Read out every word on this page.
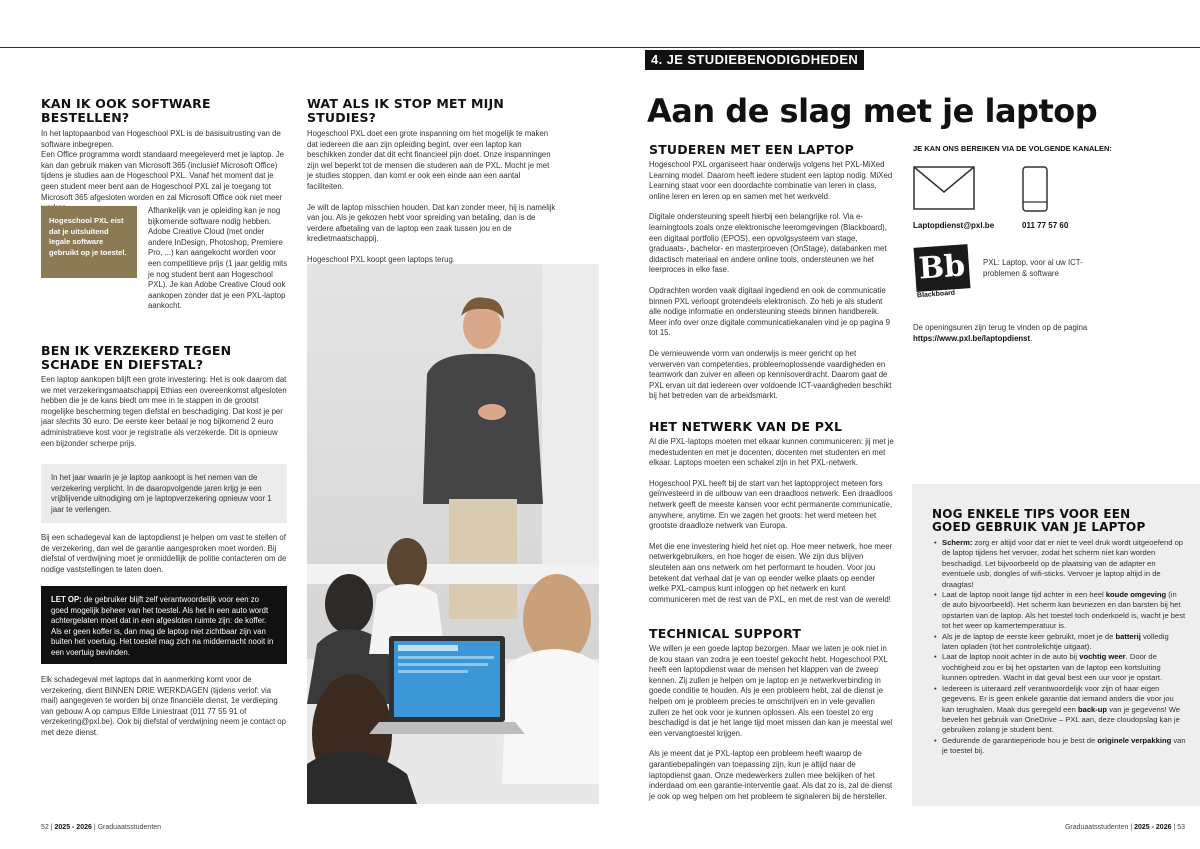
4. JE STUDIEBENODIGDHEDEN
KAN IK OOK SOFTWARE BESTELLEN?
In het laptopaanbod van Hogeschool PXL is de basisuitrusting van de software inbegrepen.
Een Office programma wordt standaard meegeleverd met je laptop. Je kan dan gebruik maken van Microsoft 365 (inclusief Microsoft Office) tijdens je studies aan de Hogeschool PXL. Vanaf het moment dat je geen student meer bent aan de Hogeschool PXL zal je toegang tot Microsoft 365 afgesloten worden en zal Microsoft Office ook niet meer
Hogeschool PXL eist dat je uitsluitend legale software gebruikt op je toestel.
Afhankelijk van je opleiding kan je nog bijkomende software nodig hebben. Adobe Creative Cloud (met onder andere InDesign, Photoshop, Premiere Pro, ...) kan aangekocht worden voor een competitieve prijs (1 jaar geldig mits je nog student bent aan Hogeschool PXL). Je kan Adobe Creative Cloud ook aankopen zonder dat je een PXL-laptop aankocht.
BEN IK VERZEKERD TEGEN SCHADE EN DIEFSTAL?
Een laptop aankopen blijft een grote investering. Het is ook daarom dat we met verzekeringsmaatschappij Ethias een overeenkomst afgesloten hebben die je de kans biedt om mee in te stappen in de grootst mogelijke bescherming tegen diefstal en beschadiging. Dat kost je per jaar slechts 30 euro. De eerste keer betaal je nog bijkomend 2 euro administratieve kost voor je registratie als verzekerde. Dit is opnieuw een bijzonder scherpe prijs.
In het jaar waarin je je laptop aankoopt is het nemen van de verzekering verplicht. In de daaropvolgende jaren krijg je een vrijblijvende uitnodiging om je laptopverzekering opnieuw voor 1 jaar te verlengen.
Bij een schadegeval kan de laptopdienst je helpen om vast te stellen of de verzekering, dan wel de garantie aangesproken moet worden. Bij diefstal of verdwijning moet je onmiddellijk de politie contacteren om de nodige vaststellingen te laten doen.
LET OP: de gebruiker blijft zelf verantwoordelijk voor een zo goed mogelijk beheer van het toestel. Als het in een auto wordt achtergelaten moet dat in een afgesloten ruimte zijn: de koffer. Als er geen koffer is, dan mag de laptop niet zichtbaar zijn van buiten het voertuig. Het toestel mag zich na middernacht nooit in een voertuig bevinden.
Elk schadegeval met laptops dat in aanmerking komt voor de verzekering, dient BINNEN DRIE WERKDAGEN (tijdens verlof: via mail) aangegeven te worden bij onze financiële dienst, 1e verdieping van gebouw A op campus Elfde Liniestraat (011 77 55 91 of verzekering@pxl.be). Ook bij diefstal of verdwijning neem je contact op met deze dienst.
WAT ALS IK STOP MET MIJN STUDIES?

Hogeschool PXL doet een grote inspanning om het mogelijk te maken dat iedereen die aan zijn opleiding begint, over een laptop kan beschikken zonder dat dit echt financieel pijn doet. Onze inspanningen zijn wel beperkt tot de mensen die studeren aan de PXL. Mocht je met je studies stoppen, dan komt er ook een einde aan een aantal faciliteiten.

Je wilt de laptop misschien houden. Dat kan zonder meer, hij is namelijk van jou. Als je gekozen hebt voor spreiding van betaling, dan is de verdere afbetaling van de laptop een zaak tussen jou en de kredietmaatschappij.

Hogeschool PXL koopt geen laptops terug.

Aan de slag met je laptop
STUDEREN MET EEN LAPTOP

Hogeschool PXL organiseert haar onderwijs volgens het PXL-MiXed Learning model. Daarom heeft iedere student een laptop nodig. MiXed Learning staat voor een doordachte combinatie van leren in class, online leren en leren op en samen met het werkveld.

Digitale ondersteuning speelt hierbij een belangrijke rol. Via e-learningtools zoals onze elektronische leeromgevingen (Blackboard), een digitaal portfolio (EPOS), een opvolgsysteem van stage, graduaats-, bachelor- en masterproeven (OnStage), databanken met didactisch materiaal en andere online tools, ondersteunen we het leerproces in elke fase.

Opdrachten worden vaak digitaal ingediend en ook de communicatie binnen PXL verloopt grotendeels elektronisch. Zo heb je als student alle nodige informatie en ondersteuning steeds binnen handbereik.
Meer info over onze digitale communicatiekanalen vind je op pagina 9 tot 15.

De vernieuwende vorm van onderwijs is meer gericht op het verwerven van competenties, probleemoplossende vaardigheden en teamwork dan zuiver en alleen op kennisoverdracht. Daarom gaat de PXL ervan uit dat iedereen over voldoende ICT-vaardigheden beschikt bij het betreden van de arbeidsmarkt.

HET NETWERK VAN DE PXL

Al die PXL-laptops moeten met elkaar kunnen communiceren: jij met je medestudenten en met je docenten, docenten met studenten en met elkaar. Laptops moeten een schakel zijn in het PXL-netwerk.

Hogeschool PXL heeft bij de start van het laptopproject meteen fors geïnvesteerd in de uitbouw van een draadloos netwerk. Een draadloos netwerk geeft de meeste kansen voor echt permanente communicatie, anywhere, anytime. En we zagen het groots: het werd meteen het grootste draadloze netwerk van Europa.

Met die ene investering hield het niet op. Hoe meer netwerk, hoe meer netwerkgebruikers, en hoe hoger de eisen. We zijn dus blijven sleutelen aan ons netwerk om het performant te houden. Voor jou betekent dat verhaal dat je van op eender welke plaats op eender welke PXL-campus kunt inloggen op het netwerk en kunt communiceren met de rest van de PXL, en met de rest van de wereld!

TECHNICAL SUPPORT

We willen je een goede laptop bezorgen. Maar we laten je ook niet in de kou staan van zodra je een toestel gekocht hebt. Hogeschool PXL heeft een laptopdienst waar de mensen het klappen van de zweep kennen. Zij zullen je helpen om je laptop en je netwerkverbinding in goede conditie te houden. Als je een probleem hebt, zal de dienst je helpen om je probleem precies te omschrijven en in vele gevallen zullen ze het ook voor je kunnen oplossen. Als een toestel zo erg beschadigd is dat je het lange tijd moet missen dan kan je meestal wel een vervangtoestel krijgen.

Als je meent dat je PXL-laptop een probleem heeft waarop de garantiebepalingen van toepassing zijn, kun je altijd naar de laptopdienst gaan. Onze medewerkers zullen mee bekijken of het inderdaad om een garantie-interventie gaat. Als dat zo is, zal de dienst je ook op weg helpen om het probleem te signaleren bij de hersteller.

JE KAN ONS BEREIKEN VIA DE VOLGENDE KANALEN:
Laptopdienst@pxl.be	011 77 57 60
Bb
Blackboard
PXL: Laptop, voor al uw ICT-problemen & software
De openingsuren zijn terug te vinden op de pagina
https://www.pxl.be/laptopdienst.
NOG ENKELE TIPS VOOR EEN GOED GEBRUIK VAN JE LAPTOP
• Scherm: zorg er altijd voor dat er niet te veel druk wordt uitgeoefend op de laptop tijdens het vervoer, zodat het scherm niet kan worden beschadigd. Let bijvoorbeeld op de plaatsing van de adapter en eventuele usb, dongles of wifi-sticks. Vervoer je laptop altijd in de draagtas!
• Laat de laptop nooit lange tijd achter in een heel koude omgeving (in de auto bijvoorbeeld). Het scherm kan bevriezen en dan barsten bij het opstarten van de laptop. Als het toestel toch onderkoeld is, wacht je best tot het weer op kamertemperatuur is.
• Als je de laptop de eerste keer gebruikt, moet je de batterij volledig laten opladen (tot het controlelichtje uitgaat).
• Laat de laptop nooit achter in de auto bij vochtig weer. Door de vochtigheid zou er bij het opstarten van de laptop een kortsluiting kunnen optreden. Wacht in dat geval best een uur voor je opstart.
• Iedereen is uiteraard zelf verantwoordelijk voor zijn of haar eigen gegevens. Er is geen enkele garantie dat iemand anders die voor jou kan terughalen. Maak dus geregeld een back-up van je gegevens! We bevelen het gebruik van OneDrive – PXL aan, deze cloudopslag kan je gebruiken zolang je student bent.
• Gedurende de garantieperiode hou je best de originele verpakking van je toestel bij.
52 | 2025 - 2026 | Graduaatsstudenten	Graduaatsstudenten | 2025 - 2026 | 53
